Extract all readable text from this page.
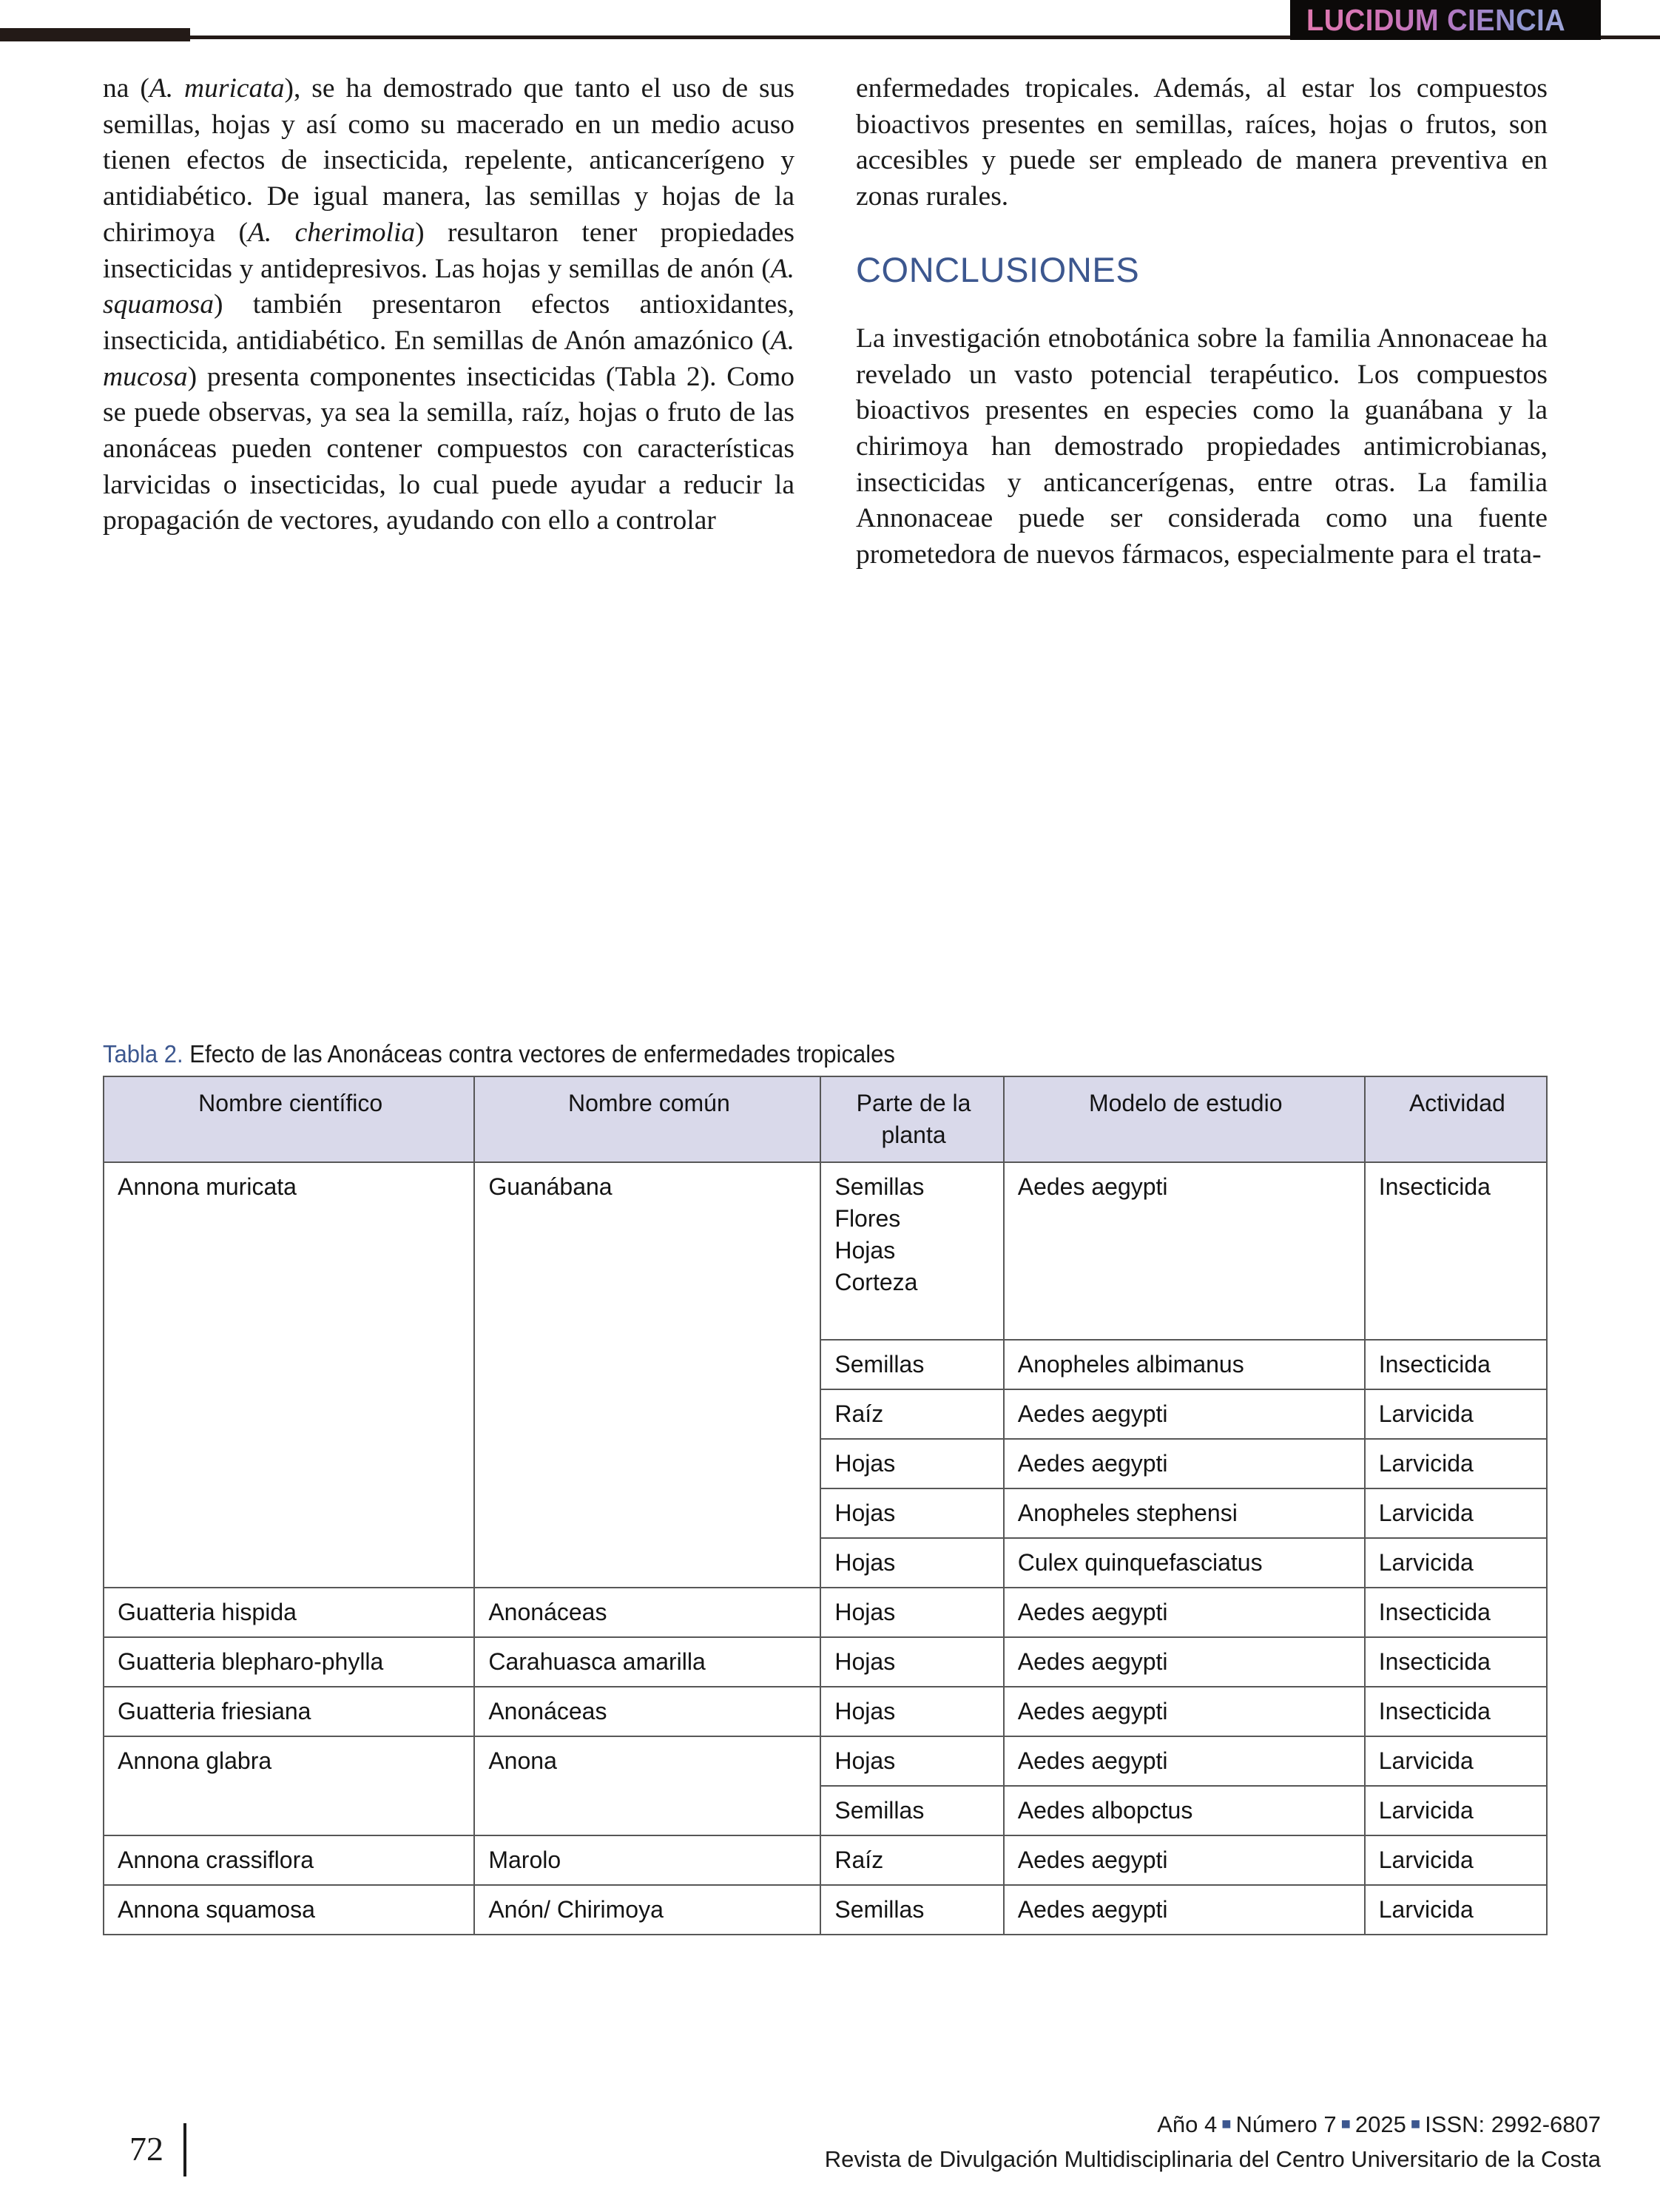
LUCIDUM CIENCIA

na (A. muricata), se ha demostrado que tanto el uso de sus semillas, hojas y así como su macerado en un medio acuso tienen efectos de insecticida, repelente, anticancerígeno y antidiabético. De igual manera, las semillas y hojas de la chirimoya (A. cherimolia) resultaron tener propiedades insecticidas y antidepresivos. Las hojas y semillas de anón (A. squamosa) también presentaron efectos antioxidantes, insecticida, antidiabético. En semillas de Anón amazónico (A. mucosa) presenta componentes insecticidas (Tabla 2). Como se puede observas, ya sea la semilla, raíz, hojas o fruto de las anonáceas pueden contener compuestos con características larvicidas o insecticidas, lo cual puede ayudar a reducir la propagación de vectores, ayudando con ello a controlar

enfermedades tropicales. Además, al estar los compuestos bioactivos presentes en semillas, raíces, hojas o frutos, son accesibles y puede ser empleado de manera preventiva en zonas rurales.

CONCLUSIONES

La investigación etnobotánica sobre la familia Annonaceae ha revelado un vasto potencial terapéutico. Los compuestos bioactivos presentes en especies como la guanábana y la chirimoya han demostrado propiedades antimicrobianas, insecticidas y anticancerígenas, entre otras. La familia Annonaceae puede ser considerada como una fuente prometedora de nuevos fármacos, especialmente para el trata-

Tabla 2. Efecto de las Anonáceas contra vectores de enfermedades tropicales
Nombre científico	Nombre común	Parte de la planta	Modelo de estudio	Actividad
Annona muricata	Guanábana	Semillas
Flores
Hojas
Corteza	Aedes aegypti	Insecticida
		Semillas	Anopheles albimanus	Insecticida
		Raíz	Aedes aegypti	Larvicida
		Hojas	Aedes aegypti	Larvicida
		Hojas	Anopheles stephensi	Larvicida
		Hojas	Culex quinquefasciatus	Larvicida
Guatteria hispida	Anonáceas	Hojas	Aedes aegypti	Insecticida
Guatteria blepharo-phylla	Carahuasca amarilla	Hojas	Aedes aegypti	Insecticida
Guatteria friesiana	Anonáceas	Hojas	Aedes aegypti	Insecticida
Annona glabra	Anona	Hojas	Aedes aegypti	Larvicida
		Semillas	Aedes albopctus	Larvicida
Annona crassiflora	Marolo	Raíz	Aedes aegypti	Larvicida
Annona squamosa	Anón/ Chirimoya	Semillas	Aedes aegypti	Larvicida
72
Año 4 ■ Número 7 ■ 2025 ■ ISSN: 2992-6807
Revista de Divulgación Multidisciplinaria del Centro Universitario de la Costa
